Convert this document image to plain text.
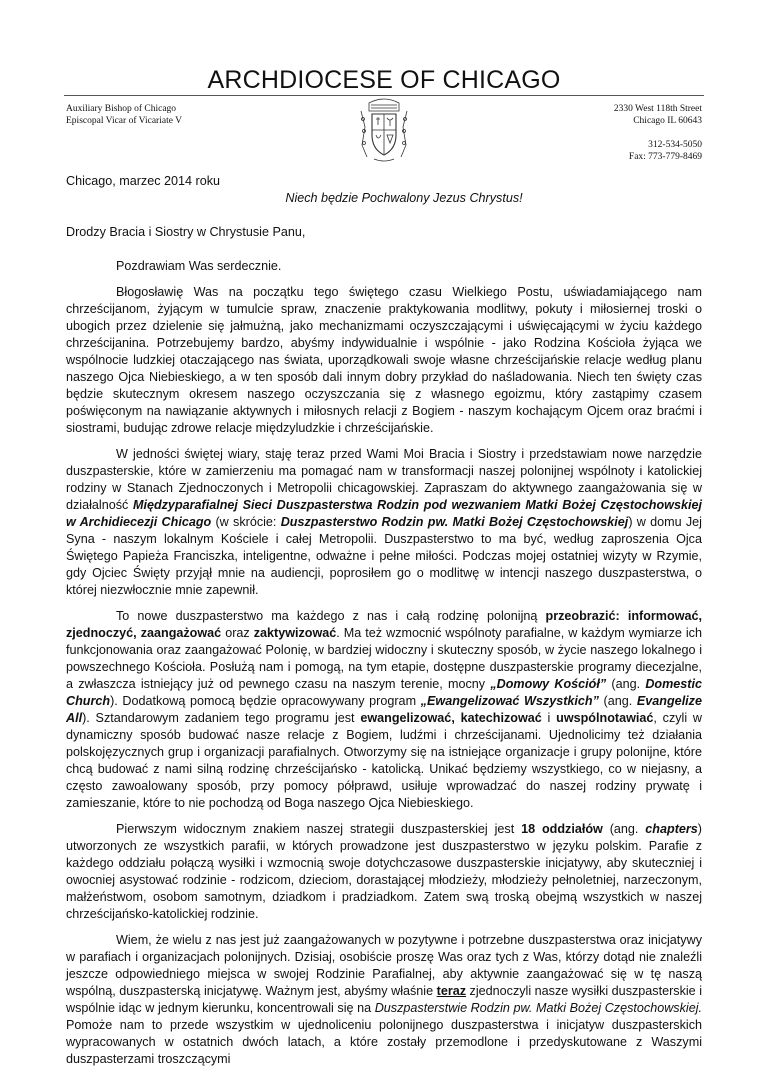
ARCHDIOCESE OF CHICAGO
Auxiliary Bishop of Chicago
Episcopal Vicar of Vicariate V
2330 West 118th Street
Chicago IL 60643
312-534-5050
Fax: 773-779-8469

Chicago, marzec 2014 roku

Niech będzie Pochwalony Jezus Chrystus!

Drodzy Bracia i Siostry w Chrystusie Panu,

Pozdrawiam Was serdecznie.

Błogosławię Was na początku tego świętego czasu Wielkiego Postu, uświadamiającego nam chrześcijanom, żyjącym w tumulcie spraw, znaczenie praktykowania modlitwy, pokuty i miłosiernej troski o ubogich przez dzielenie się jałmużną, jako mechanizmami oczyszczającymi i uświęcającymi w życiu każdego chrześcijanina. Potrzebujemy bardzo, abyśmy indywidualnie i wspólnie - jako Rodzina Kościoła żyjąca we wspólnocie ludzkiej otaczającego nas świata, uporządkowali swoje własne chrześcijańskie relacje według planu naszego Ojca Niebieskiego, a w ten sposób dali innym dobry przykład do naśladowania. Niech ten święty czas będzie skutecznym okresem naszego oczyszczania się z własnego egoizmu, który zastąpimy czasem poświęconym na nawiązanie aktywnych i miłosnych relacji z Bogiem - naszym kochającym Ojcem oraz braćmi i siostrami, budując zdrowe relacje międzyludzkie i chrześcijańskie.

W jedności świętej wiary, staję teraz przed Wami Moi Bracia i Siostry i przedstawiam nowe narzędzie duszpasterskie, które w zamierzeniu ma pomagać nam w transformacji naszej polonijnej wspólnoty i katolickiej rodziny w Stanach Zjednoczonych i Metropolii chicagowskiej. Zapraszam do aktywnego zaangażowania się w działalność Międzyparafialnej Sieci Duszpasterstwa Rodzin pod wezwaniem Matki Bożej Częstochowskiej w Archidiecezji Chicago (w skrócie: Duszpasterstwo Rodzin pw. Matki Bożej Częstochowskiej) w domu Jej Syna - naszym lokalnym Kościele i całej Metropolii. Duszpasterstwo to ma być, według zaproszenia Ojca Świętego Papieża Franciszka, inteligentne, odważne i pełne miłości. Podczas mojej ostatniej wizyty w Rzymie, gdy Ojciec Święty przyjął mnie na audiencji, poprosiłem go o modlitwę w intencji naszego duszpasterstwa, o której niezwłocznie mnie zapewnił.

To nowe duszpasterstwo ma każdego z nas i całą rodzinę polonijną przeobrazić: informować, zjednoczyć, zaangażować oraz zaktywizować. Ma też wzmocnić wspólnoty parafialne, w każdym wymiarze ich funkcjonowania oraz zaangażować Polonię, w bardziej widoczny i skuteczny sposób, w życie naszego lokalnego i powszechnego Kościoła. Posłużą nam i pomogą, na tym etapie, dostępne duszpasterskie programy diecezjalne, a zwłaszcza istniejący już od pewnego czasu na naszym terenie, mocny „Domowy Kościół” (ang. Domestic Church). Dodatkową pomocą będzie opracowywany program „Ewangelizować Wszystkich” (ang. Evangelize All). Sztandarowym zadaniem tego programu jest ewangelizować, katechizować i uwspólnotawiać, czyli w dynamiczny sposób budować nasze relacje z Bogiem, ludźmi i chrześcijanami. Ujednolicimy też działania polskojęzycznych grup i organizacji parafialnych. Otworzymy się na istniejące organizacje i grupy polonijne, które chcą budować z nami silną rodzinę chrześcijańsko - katolicką. Unikać będziemy wszystkiego, co w niejasny, a często zawoalowany sposób, przy pomocy półprawd, usiłuje wprowadzać do naszej rodziny prywatę i zamieszanie, które to nie pochodzą od Boga naszego Ojca Niebieskiego.

Pierwszym widocznym znakiem naszej strategii duszpasterskiej jest 18 oddziałów (ang. chapters) utworzonych ze wszystkich parafii, w których prowadzone jest duszpasterstwo w języku polskim. Parafie z każdego oddziału połączą wysiłki i wzmocnią swoje dotychczasowe duszpasterskie inicjatywy, aby skuteczniej i owocniej asystować rodzinie - rodzicom, dzieciom, dorastającej młodzieży, młodzieży pełnoletniej, narzeczonym, małżeństwom, osobom samotnym, dziadkom i pradziadkom. Zatem swą troską obejmą wszystkich w naszej chrześcijańsko-katolickiej rodzinie.

Wiem, że wielu z nas jest już zaangażowanych w pozytywne i potrzebne duszpasterstwa oraz inicjatywy w parafiach i organizacjach polonijnych. Dzisiaj, osobiście proszę Was oraz tych z Was, którzy dotąd nie znaleźli jeszcze odpowiedniego miejsca w swojej Rodzinie Parafialnej, aby aktywnie zaangażować się w tę naszą wspólną, duszpasterską inicjatywę. Ważnym jest, abyśmy właśnie teraz zjednoczyli nasze wysiłki duszpasterskie i wspólnie idąc w jednym kierunku, koncentrowali się na Duszpasterstwie Rodzin pw. Matki Bożej Częstochowskiej. Pomoże nam to przede wszystkim w ujednoliceniu polonijnego duszpasterstwa i inicjatyw duszpasterskich wypracowanych w ostatnich dwóch latach, a które zostały przemodlone i przedyskutowane z Waszymi duszpasterzami troszczącymi
